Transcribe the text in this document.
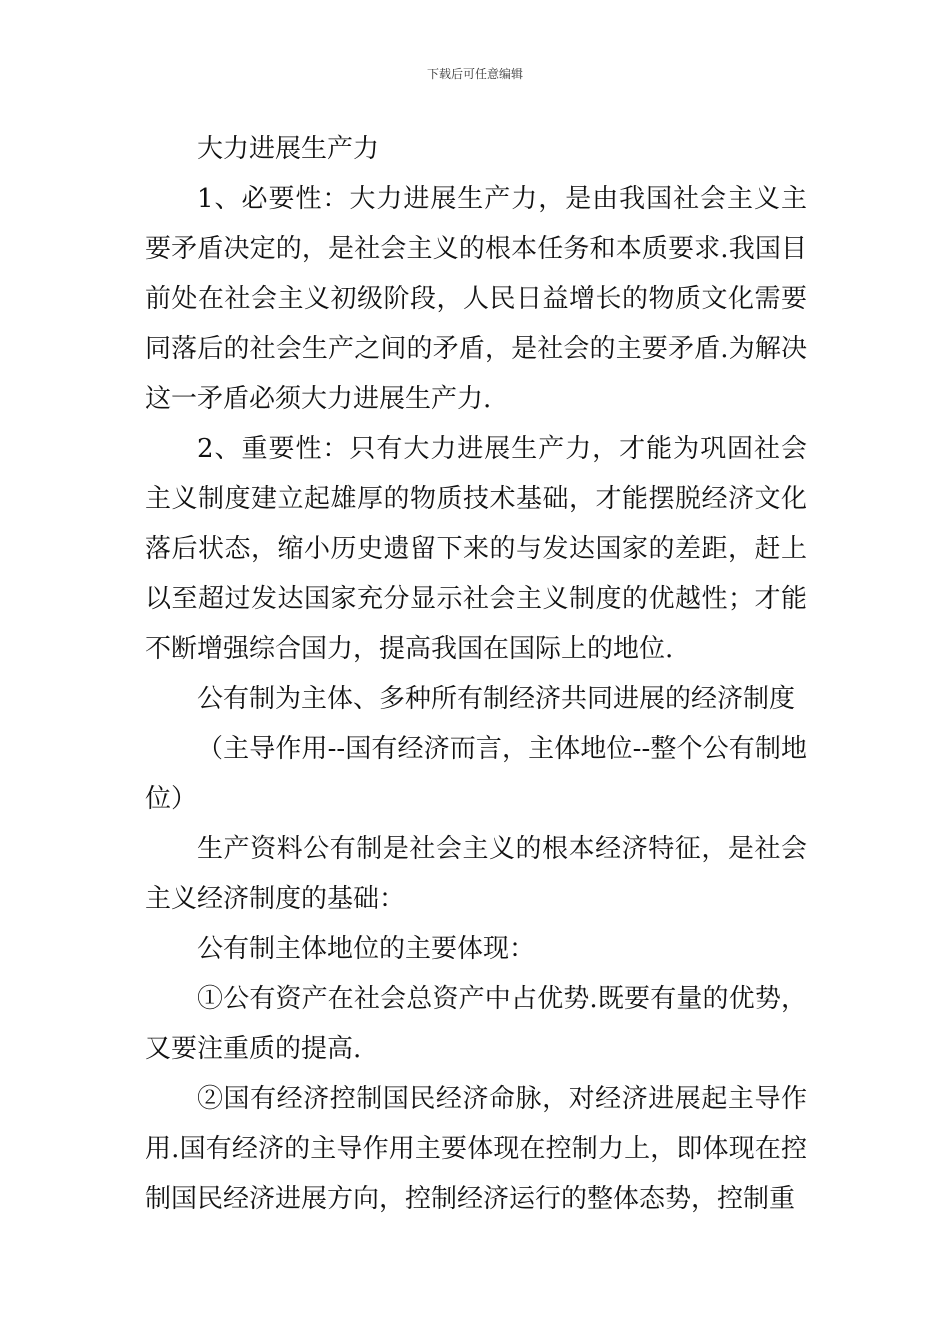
下载后可任意编辑

大力进展生产力

1、必要性：大力进展生产力，是由我国社会主义主要矛盾决定的，是社会主义的根本任务和本质要求.我国目前处在社会主义初级阶段，人民日益增长的物质文化需要同落后的社会生产之间的矛盾，是社会的主要矛盾.为解决这一矛盾必须大力进展生产力.

2、重要性：只有大力进展生产力，才能为巩固社会主义制度建立起雄厚的物质技术基础，才能摆脱经济文化落后状态，缩小历史遗留下来的与发达国家的差距，赶上以至超过发达国家充分显示社会主义制度的优越性；才能不断增强综合国力，提高我国在国际上的地位.

公有制为主体、多种所有制经济共同进展的经济制度

（主导作用--国有经济而言，主体地位--整个公有制地位）

生产资料公有制是社会主义的根本经济特征，是社会主义经济制度的基础：

公有制主体地位的主要体现：

①公有资产在社会总资产中占优势.既要有量的优势，又要注重质的提高.

②国有经济控制国民经济命脉，对经济进展起主导作用.国有经济的主导作用主要体现在控制力上，即体现在控制国民经济进展方向，控制经济运行的整体态势，控制重
